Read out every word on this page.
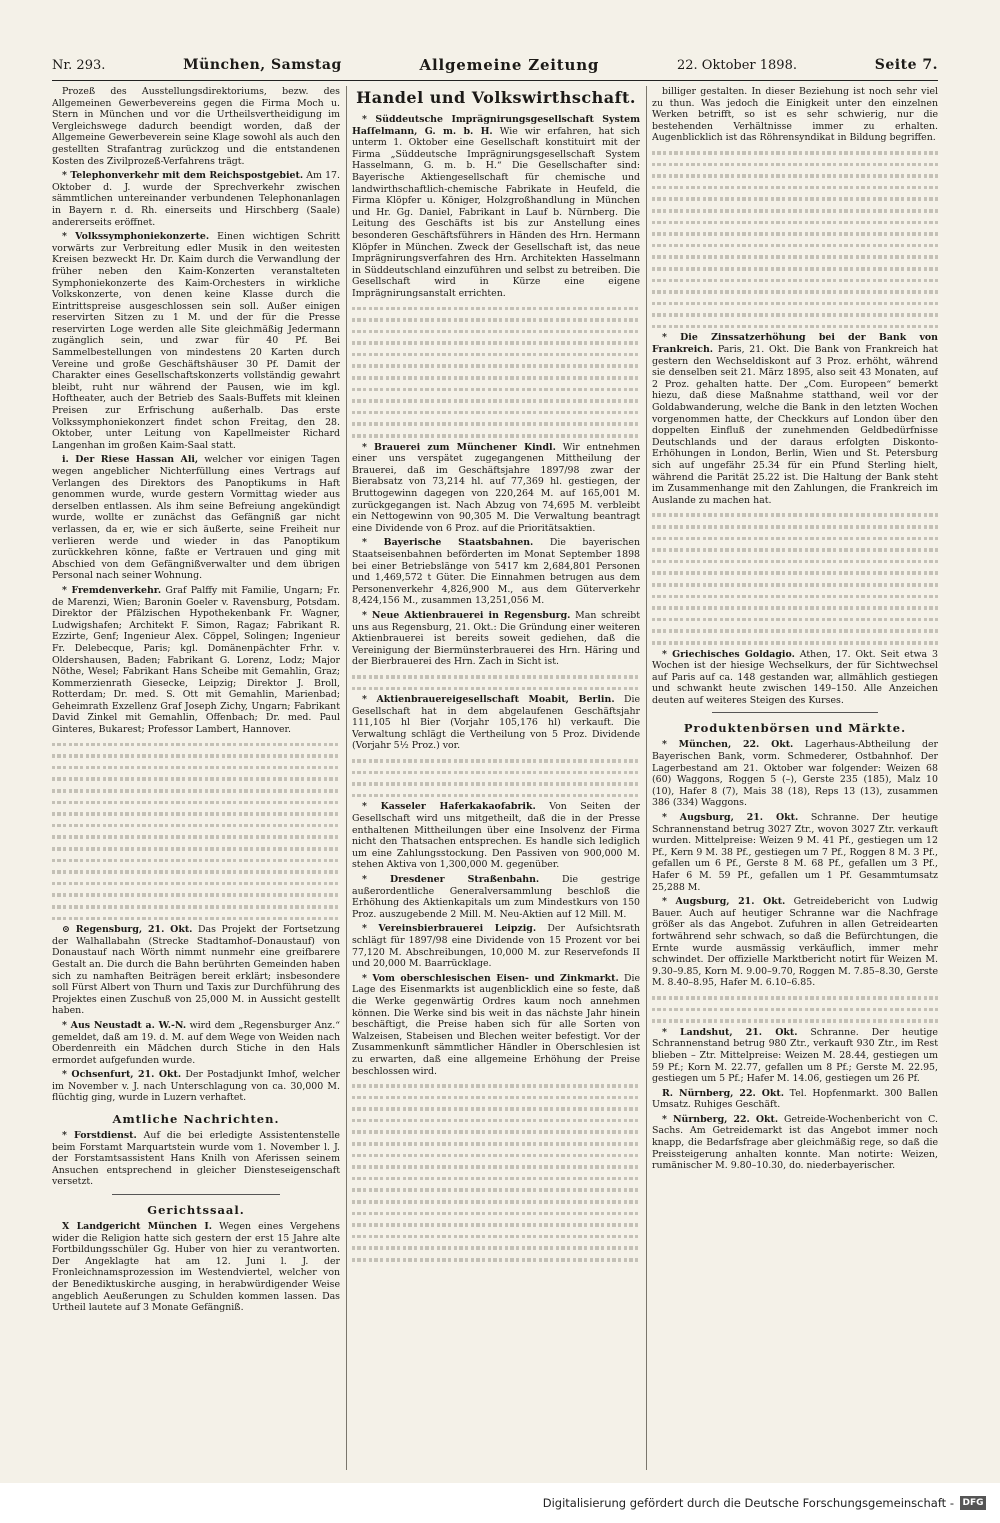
Nr. 293.	München, Samstag	Allgemeine Zeitung	22. Oktober 1898.	Seite 7.

Prozeß des Ausstellungsdirektoriums, bezw. des Allgemeinen Gewerbevereins gegen die Firma Moch u. Stern in München und vor die Urtheilsvertheidigung im Vergleichswege dadurch beendigt worden, daß der Allgemeine Gewerbeverein seine Klage sowohl als auch den gestellten Strafantrag zurückzog und die entstandenen Kosten des Zivilprozeß-Verfahrens trägt.

* Telephonverkehr mit dem Reichspostgebiet. Am 17. Oktober d. J. wurde der Sprechverkehr zwischen sämmtlichen untereinander verbundenen Telephonanlagen in Bayern r. d. Rh. einerseits und Hirschberg (Saale) andererseits eröffnet.

* Volkssymphoniekonzerte. Einen wichtigen Schritt vorwärts zur Verbreitung edler Musik in den weitesten Kreisen bezweckt Hr. Dr. Kaim durch die Verwandlung der früher neben den Kaim-Konzerten veranstalteten Symphoniekonzerte des Kaim-Orchesters in wirkliche Volkskonzerte, von denen keine Klasse durch die Eintrittspreise ausgeschlossen sein soll. Außer einigen reservirten Sitzen zu 1 M. und der für die Presse reservirten Loge werden alle Site gleichmäßig Jedermann zugänglich sein, und zwar für 40 Pf. Bei Sammelbestellungen von mindestens 20 Karten durch Vereine und große Geschäftshäuser 30 Pf. Damit der Charakter eines Gesellschaftskonzerts vollständig gewahrt bleibt, ruht nur während der Pausen, wie im kgl. Hoftheater, auch der Betrieb des Saals-Buffets mit kleinen Preisen zur Erfrischung außerhalb. Das erste Volkssymphoniekonzert findet schon Freitag, den 28. Oktober, unter Leitung von Kapellmeister Richard Langenhan im großen Kaim-Saal statt.

i. Der Riese Hassan Ali, welcher vor einigen Tagen wegen angeblicher Nichterfüllung eines Vertrags auf Verlangen des Direktors des Panoptikums in Haft genommen wurde, wurde gestern Vormittag wieder aus derselben entlassen. Als ihm seine Befreiung angekündigt wurde, wollte er zunächst das Gefängniß gar nicht verlassen, da er, wie er sich äußerte, seine Freiheit nur verlieren werde und wieder in das Panoptikum zurückkehren könne, faßte er Vertrauen und ging mit Abschied von dem Gefängnißverwalter und dem übrigen Personal nach seiner Wohnung.

* Fremdenverkehr. Graf Palffy mit Familie, Ungarn; Fr. de Marenzi, Wien; Baronin Goeler v. Ravensburg, Potsdam. Direktor der Pfälzischen Hypothekenbank Fr. Wagner, Ludwigshafen; Architekt F. Simon, Ragaz; Fabrikant R. Ezzirte, Genf; Ingenieur Alex. Cöppel, Solingen; Ingenieur Fr. Delebecque, Paris; kgl. Domänenpächter Frhr. v. Oldershausen, Baden; Fabrikant G. Lorenz, Lodz; Major Nöthe, Wesel; Fabrikant Hans Scheibe mit Gemahlin, Graz; Kommerzienrath Giesecke, Leipzig; Direktor J. Broll, Rotterdam; Dr. med. S. Ott mit Gemahlin, Marienbad; Geheimrath Exzellenz Graf Joseph Zichy, Ungarn; Fabrikant David Zinkel mit Gemahlin, Offenbach; Dr. med. Paul Ginteres, Bukarest; Professor Lambert, Hannover.

⊙ Regensburg, 21. Okt. Das Projekt der Fortsetzung der Walhallabahn (Strecke Stadtamhof–Donaustauf) von Donaustauf nach Wörth nimmt nunmehr eine greifbarere Gestalt an. Die durch die Bahn berührten Gemeinden haben sich zu namhaften Beiträgen bereit erklärt; insbesondere soll Fürst Albert von Thurn und Taxis zur Durchführung des Projektes einen Zuschuß von 25,000 M. in Aussicht gestellt haben.

* Aus Neustadt a. W.-N. wird dem „Regensburger Anz.“ gemeldet, daß am 19. d. M. auf dem Wege von Weiden nach Oberdenreith ein Mädchen durch Stiche in den Hals ermordet aufgefunden wurde.

* Ochsenfurt, 21. Okt. Der Postadjunkt Imhof, welcher im November v. J. nach Unterschlagung von ca. 30,000 M. flüchtig ging, wurde in Luzern verhaftet.

Amtliche Nachrichten.

* Forstdienst. Auf die bei erledigte Assistentenstelle beim Forstamt Marquartstein wurde vom 1. November l. J. der Forstamtsassistent Hans Knilh von Aferissen seinem Ansuchen entsprechend in gleicher Diensteseigenschaft versetzt.

Gerichtssaal.

X Landgericht München I. Wegen eines Vergehens wider die Religion hatte sich gestern der erst 15 Jahre alte Fortbildungsschüler Gg. Huber von hier zu verantworten. Der Angeklagte hat am 12. Juni l. J. der Fronleichnamsprozession im Westendviertel, welcher von der Benediktuskirche ausging, in herabwürdigender Weise angeblich Aeußerungen zu Schulden kommen lassen. Das Urtheil lautete auf 3 Monate Gefängniß.

Handel und Volkswirthschaft.

* Süddeutsche Imprägnirungsgesellschaft System Haſſelmann, G. m. b. H. Wie wir erfahren, hat sich unterm 1. Oktober eine Gesellschaft konstituirt mit der Firma „Süddeutsche Imprägnirungsgesellschaft System Hasselmann, G. m. b. H.“ Die Gesellschafter sind: Bayerische Aktiengesellschaft für chemische und landwirthschaftlich-chemische Fabrikate in Heufeld, die Firma Klöpfer u. Königer, Holzgroßhandlung in München und Hr. Gg. Daniel, Fabrikant in Lauf b. Nürnberg. Die Leitung des Geschäfts ist bis zur Anstellung eines besonderen Geschäftsführers in Händen des Hrn. Hermann Klöpfer in München. Zweck der Gesellschaft ist, das neue Imprägnirungsverfahren des Hrn. Architekten Hasselmann in Süddeutschland einzuführen und selbst zu betreiben. Die Gesellschaft wird in Kürze eine eigene Imprägnirungsanstalt errichten.

* Brauerei zum Münchener Kindl. Wir entnehmen einer uns verspätet zugegangenen Mittheilung der Brauerei, daß im Geschäftsjahre 1897/98 zwar der Bierabsatz von 73,214 hl. auf 77,369 hl. gestiegen, der Bruttogewinn dagegen von 220,264 M. auf 165,001 M. zurückgegangen ist. Nach Abzug von 74,695 M. verbleibt ein Nettogewinn von 90,305 M. Die Verwaltung beantragt eine Dividende von 6 Proz. auf die Prioritätsaktien.

* Bayerische Staatsbahnen. Die bayerischen Staatseisenbahnen beförderten im Monat September 1898 bei einer Betriebslänge von 5417 km 2,684,801 Personen und 1,469,572 t Güter. Die Einnahmen betrugen aus dem Personenverkehr 4,826,900 M., aus dem Güterverkehr 8,424,156 M., zusammen 13,251,056 M.

* Neue Aktienbrauerei in Regensburg. Man schreibt uns aus Regensburg, 21. Okt.: Die Gründung einer weiteren Aktienbrauerei ist bereits soweit gediehen, daß die Vereinigung der Biermünsterbrauerei des Hrn. Häring und der Bierbrauerei des Hrn. Zach in Sicht ist.

* Aktienbrauereigesellschaft Moabit, Berlin. Die Gesellschaft hat in dem abgelaufenen Geschäftsjahr 111,105 hl Bier (Vorjahr 105,176 hl) verkauft. Die Verwaltung schlägt die Vertheilung von 5 Proz. Dividende (Vorjahr 5½ Proz.) vor.

* Kasseler Haferkakaofabrik. Von Seiten der Gesellschaft wird uns mitgetheilt, daß die in der Presse enthaltenen Mittheilungen über eine Insolvenz der Firma nicht den Thatsachen entsprechen. Es handle sich lediglich um eine Zahlungsstockung. Den Passiven von 900,000 M. stehen Aktiva von 1,300,000 M. gegenüber.

* Dresdener Straßenbahn. Die gestrige außerordentliche Generalversammlung beschloß die Erhöhung des Aktienkapitals um zum Mindestkurs von 150 Proz. auszugebende 2 Mill. M. Neu-Aktien auf 12 Mill. M.

* Vereinsbierbrauerei Leipzig. Der Aufsichtsrath schlägt für 1897/98 eine Dividende von 15 Prozent vor bei 77,120 M. Abschreibungen, 10,000 M. zur Reservefonds II und 20,000 M. Baarrücklage.

* Vom oberschlesischen Eisen- und Zinkmarkt. Die Lage des Eisenmarkts ist augenblicklich eine so feste, daß die Werke gegenwärtig Ordres kaum noch annehmen können. Die Werke sind bis weit in das nächste Jahr hinein beschäftigt, die Preise haben sich für alle Sorten von Walzeisen, Stabeisen und Blechen weiter befestigt. Vor der Zusammenkunft sämmtlicher Händler in Oberschlesien ist zu erwarten, daß eine allgemeine Erhöhung der Preise beschlossen wird.

billiger gestalten. In dieser Beziehung ist noch sehr viel zu thun. Was jedoch die Einigkeit unter den einzelnen Werken betrifft, so ist es sehr schwierig, nur die bestehenden Verhältnisse immer zu erhalten. Augenblicklich ist das Röhrensyndikat in Bildung begriffen.

* Die Zinssatzerhöhung bei der Bank von Frankreich. Paris, 21. Okt. Die Bank von Frankreich hat gestern den Wechseldiskont auf 3 Proz. erhöht, während sie denselben seit 21. März 1895, also seit 43 Monaten, auf 2 Proz. gehalten hatte. Der „Com. Europeen“ bemerkt hiezu, daß diese Maßnahme statthand, weil vor der Goldabwanderung, welche die Bank in den letzten Wochen vorgenommen hatte, der Checkkurs auf London über den doppelten Einfluß der zunehmenden Geldbedürfnisse Deutschlands und der daraus erfolgten Diskonto-Erhöhungen in London, Berlin, Wien und St. Petersburg sich auf ungefähr 25.34 für ein Pfund Sterling hielt, während die Parität 25.22 ist. Die Haltung der Bank steht im Zusammenhange mit den Zahlungen, die Frankreich im Auslande zu machen hat.

* Griechisches Goldagio. Athen, 17. Okt. Seit etwa 3 Wochen ist der hiesige Wechselkurs, der für Sichtwechsel auf Paris auf ca. 148 gestanden war, allmählich gestiegen und schwankt heute zwischen 149–150. Alle Anzeichen deuten auf weiteres Steigen des Kurses.

Produktenbörsen und Märkte.

* München, 22. Okt. Lagerhaus-Abtheilung der Bayerischen Bank, vorm. Schmederer, Ostbahnhof. Der Lagerbestand am 21. Oktober war folgender: Weizen 68 (60) Waggons, Roggen 5 (–), Gerste 235 (185), Malz 10 (10), Hafer 8 (7), Mais 38 (18), Reps 13 (13), zusammen 386 (334) Waggons.

* Augsburg, 21. Okt. Schranne. Der heutige Schrannenstand betrug 3027 Ztr., wovon 3027 Ztr. verkauft wurden. Mittelpreise: Weizen 9 M. 41 Pf., gestiegen um 12 Pf., Kern 9 M. 38 Pf., gestiegen um 7 Pf., Roggen 8 M. 3 Pf., gefallen um 6 Pf., Gerste 8 M. 68 Pf., gefallen um 3 Pf., Hafer 6 M. 59 Pf., gefallen um 1 Pf. Gesammtumsatz 25,288 M.

* Augsburg, 21. Okt. Getreidebericht von Ludwig Bauer. Auch auf heutiger Schranne war die Nachfrage größer als das Angebot. Zufuhren in allen Getreidearten fortwährend sehr schwach, so daß die Befürchtungen, die Ernte wurde ausmässig verkäuflich, immer mehr schwindet. Der offizielle Marktbericht notirt für Weizen M. 9.30–9.85, Korn M. 9.00–9.70, Roggen M. 7.85–8.30, Gerste M. 8.40–8.95, Hafer M. 6.10–6.85.

* Landshut, 21. Okt. Schranne. Der heutige Schrannenstand betrug 980 Ztr., verkauft 930 Ztr., im Rest blieben – Ztr. Mittelpreise: Weizen M. 28.44, gestiegen um 59 Pf.; Korn M. 22.77, gefallen um 8 Pf.; Gerste M. 22.95, gestiegen um 5 Pf.; Hafer M. 14.06, gestiegen um 26 Pf.

R. Nürnberg, 22. Okt. Tel. Hopfenmarkt. 300 Ballen Umsatz. Ruhiges Geschäft.

* Nürnberg, 22. Okt. Getreide-Wochenbericht von C. Sachs. Am Getreidemarkt ist das Angebot immer noch knapp, die Bedarfsfrage aber gleichmäßig rege, so daß die Preissteigerung anhalten konnte. Man notirte: Weizen, rumänischer M. 9.80–10.30, do. niederbayerischer.

Digitalisierung gefördert durch die Deutsche Forschungsgemeinschaft - DFG
